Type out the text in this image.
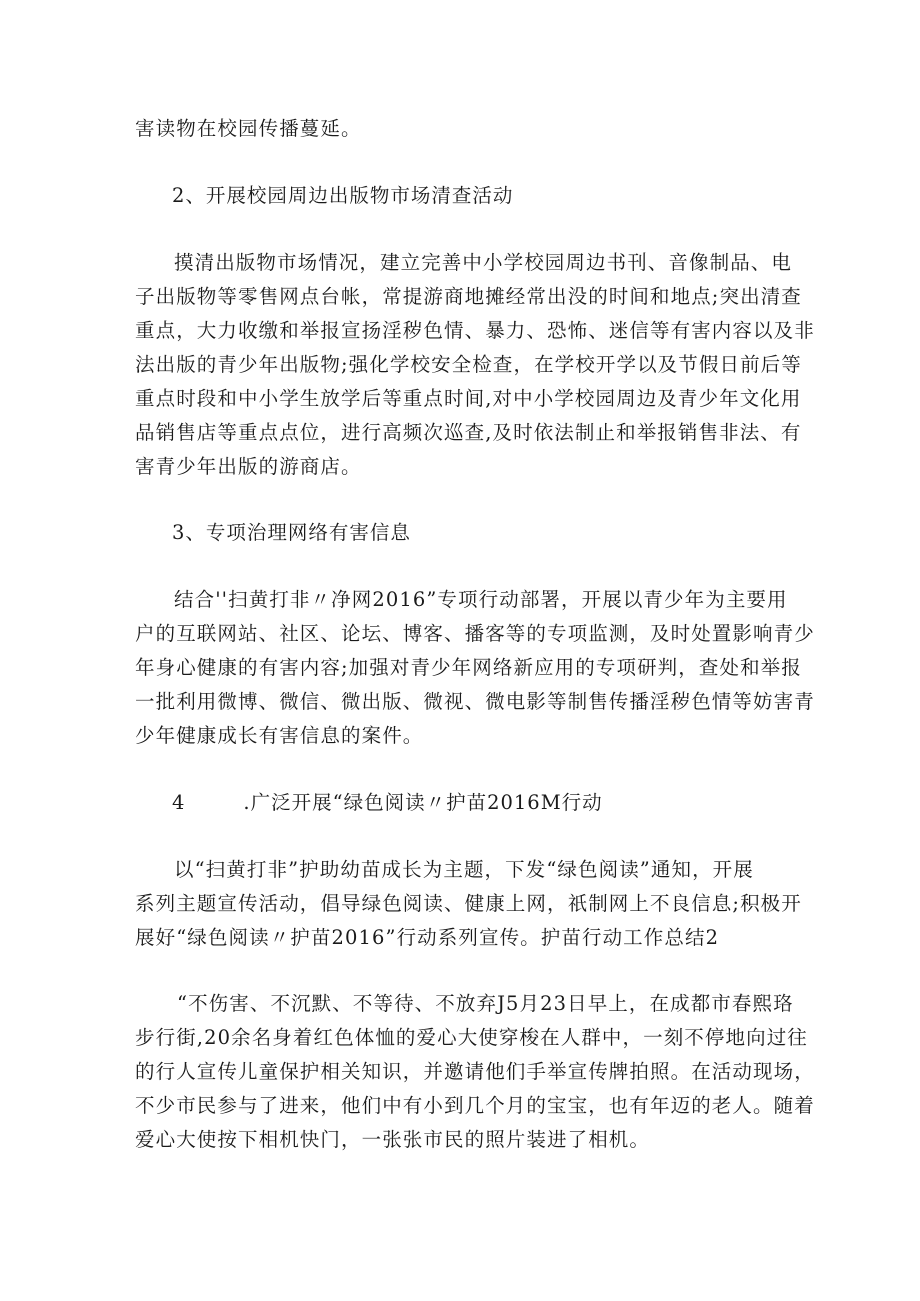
害读物在校园传播蔓延。
2、开展校园周边出版物市场清查活动
摸清出版物市场情况，建立完善中小学校园周边书刊、音像制品、电
子出版物等零售网点台帐，常提游商地摊经常出没的时间和地点;突出清查
重点，大力收缴和举报宣扬淫秽色情、暴力、恐怖、迷信等有害内容以及非
法出版的青少年出版物;强化学校安全检查，在学校开学以及节假日前后等
重点时段和中小学生放学后等重点时间,对中小学校园周边及青少年文化用
品销售店等重点点位，进行高频次巡查,及时依法制止和举报销售非法、有
害青少年出版的游商店。
3、专项治理网络有害信息
结合''扫黄打非〃净网2016”专项行动部署，开展以青少年为主要用
户的互联网站、社区、论坛、博客、播客等的专项监测，及时处置影响青少
年身心健康的有害内容;加强对青少年网络新应用的专项研判，查处和举报
一批利用微博、微信、微出版、微视、微电影等制售传播淫秽色情等妨害青
少年健康成长有害信息的案件。
4	.广泛开展“绿色阅读〃护苗2016M行动
以“扫黄打非”护助幼苗成长为主题，下发“绿色阅读”通知，开展
系列主题宣传活动，倡导绿色阅读、健康上网，祇制网上不良信息;积极开
展好“绿色阅读〃护苗2016”行动系列宣传。护苗行动工作总结2
“不伤害、不沉默、不等待、不放弃J5月23日早上，在成都市春熙珞
步行街,20余名身着红色体恤的爱心大使穿梭在人群中，一刻不停地向过往
的行人宣传儿童保护相关知识，并邀请他们手举宣传牌拍照。在活动现场，
不少市民参与了进来，他们中有小到几个月的宝宝，也有年迈的老人。随着
爱心大使按下相机快门，一张张市民的照片装进了相机。
